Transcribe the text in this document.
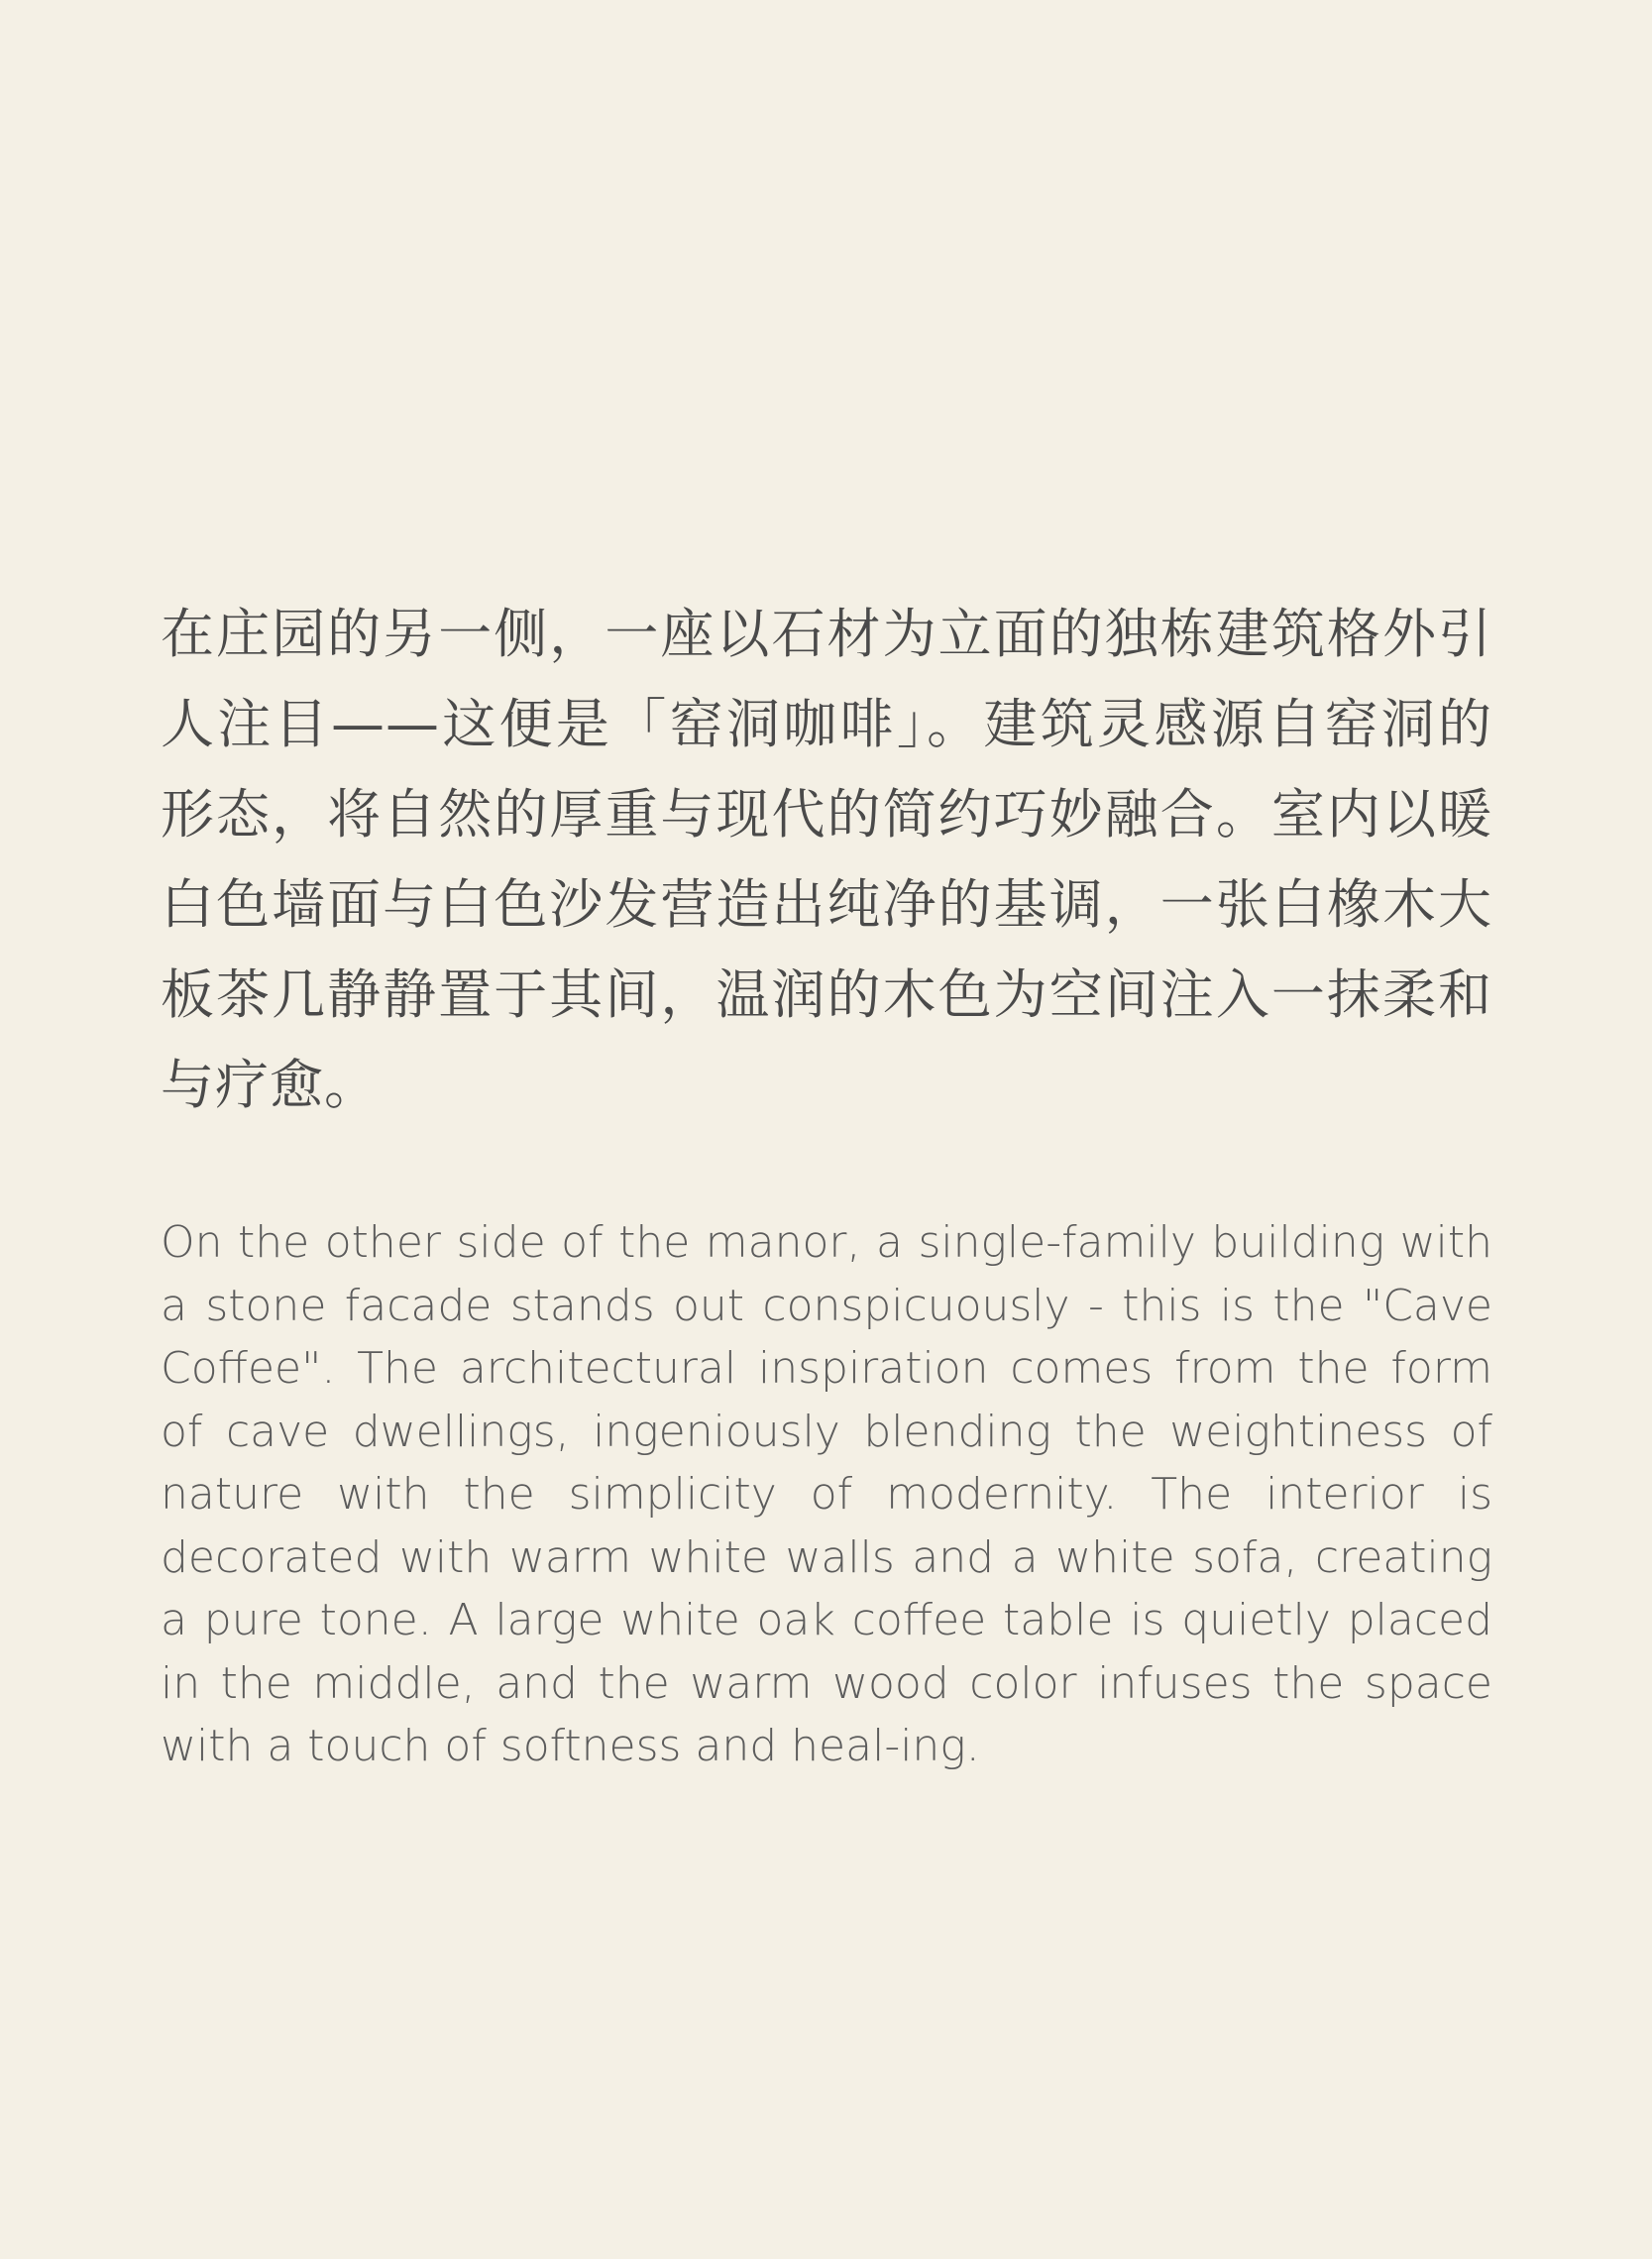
在庄园的另一侧，一座以石材为立面的独栋建筑格外引人注目——这便是「窑洞咖啡」。建筑灵感源自窑洞的形态，将自然的厚重与现代的简约巧妙融合。室内以暖白色墙面与白色沙发营造出纯净的基调，一张白橡木大板茶几静静置于其间，温润的木色为空间注入一抹柔和与疗愈。

On the other side of the manor, a single-family building with a stone facade stands out conspicuously - this is the "Cave Coffee". The architectural inspiration comes from the form of cave dwellings, ingeniously blending the weightiness of nature with the simplicity of modernity. The interior is decorated with warm white walls and a white sofa, creating a pure tone. A large white oak coffee table is quietly placed in the middle, and the warm wood color infuses the space with a touch of softness and heal-ing.
